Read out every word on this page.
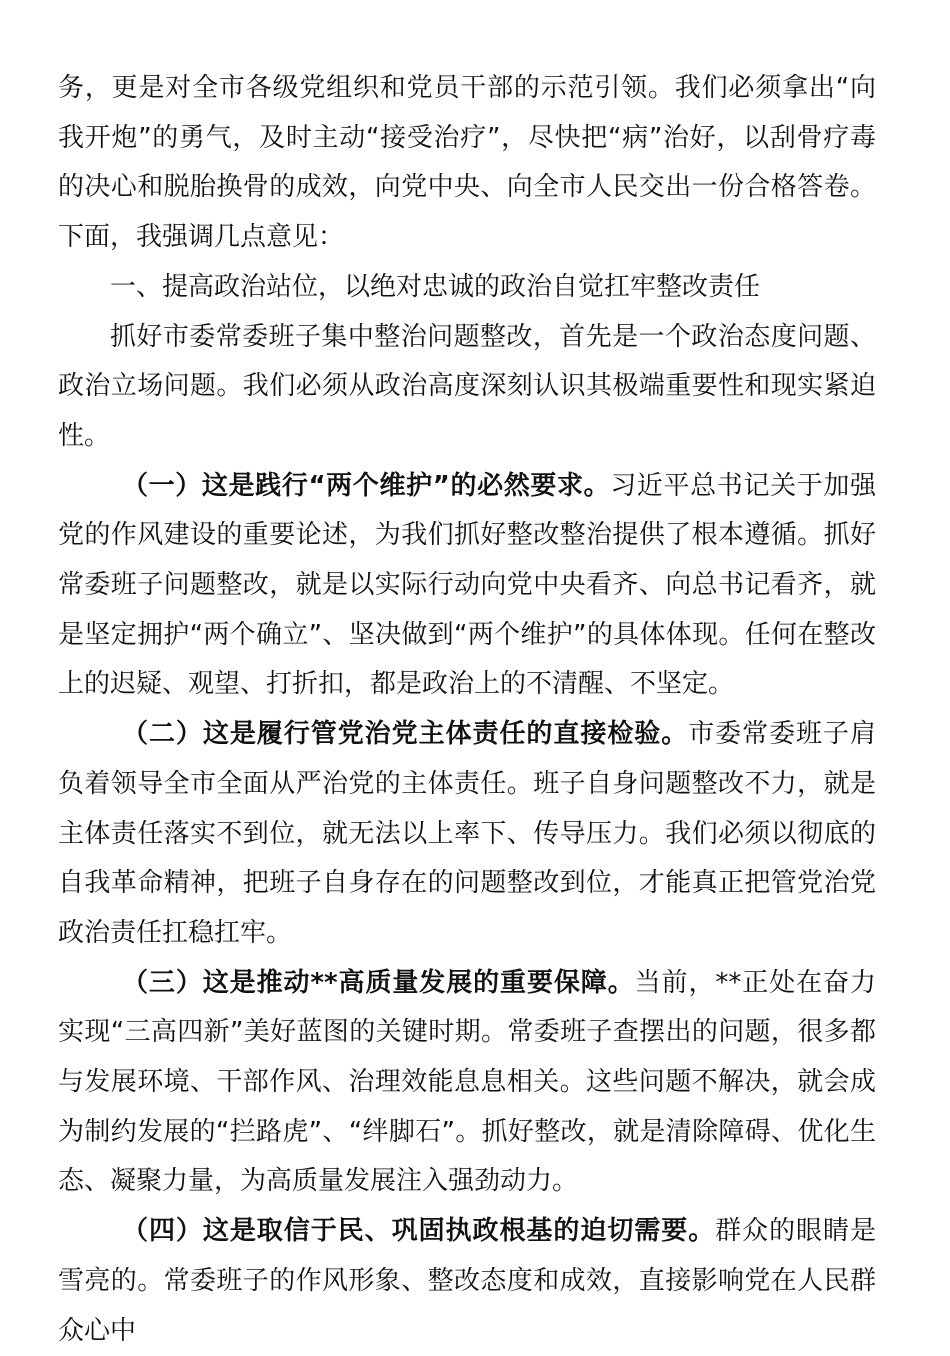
务，更是对全市各级党组织和党员干部的示范引领。我们必须拿出“向我开炮”的勇气，及时主动“接受治疗”，尽快把“病”治好，以刮骨疗毒的决心和脱胎换骨的成效，向党中央、向全市人民交出一份合格答卷。下面，我强调几点意见：

一、提高政治站位，以绝对忠诚的政治自觉扛牢整改责任

抓好市委常委班子集中整治问题整改，首先是一个政治态度问题、政治立场问题。我们必须从政治高度深刻认识其极端重要性和现实紧迫性。

（一）这是践行“两个维护”的必然要求。习近平总书记关于加强党的作风建设的重要论述，为我们抓好整改整治提供了根本遵循。抓好常委班子问题整改，就是以实际行动向党中央看齐、向总书记看齐，就是坚定拥护“两个确立”、坚决做到“两个维护”的具体体现。任何在整改上的迟疑、观望、打折扣，都是政治上的不清醒、不坚定。

（二）这是履行管党治党主体责任的直接检验。市委常委班子肩负着领导全市全面从严治党的主体责任。班子自身问题整改不力，就是主体责任落实不到位，就无法以上率下、传导压力。我们必须以彻底的自我革命精神，把班子自身存在的问题整改到位，才能真正把管党治党政治责任扛稳扛牢。

（三）这是推动**高质量发展的重要保障。当前，**正处在奋力实现“三高四新”美好蓝图的关键时期。常委班子查摆出的问题，很多都与发展环境、干部作风、治理效能息息相关。这些问题不解决，就会成为制约发展的“拦路虎”、“绊脚石”。抓好整改，就是清除障碍、优化生态、凝聚力量，为高质量发展注入强劲动力。

（四）这是取信于民、巩固执政根基的迫切需要。群众的眼睛是雪亮的。常委班子的作风形象、整改态度和成效，直接影响党在人民群众心中
